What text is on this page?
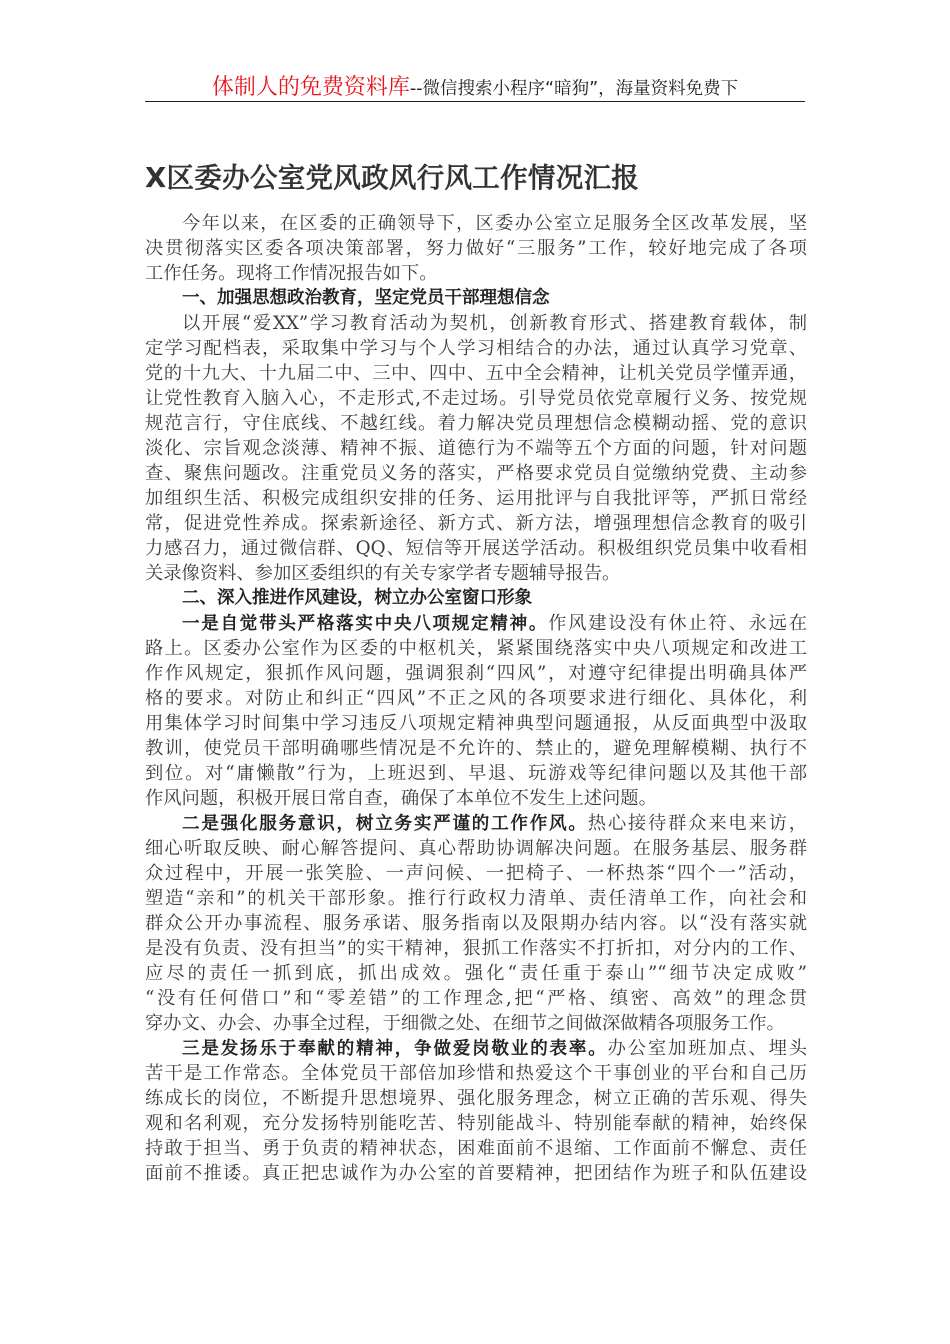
体制人的免费资料库--微信搜索小程序“暗狗”，海量资料免费下
X区委办公室党风政风行风工作情况汇报
今年以来，在区委的正确领导下，区委办公室立足服务全区改革发展，坚
决贯彻落实区委各项决策部署，努力做好“三服务”工作，较好地完成了各项
工作任务。现将工作情况报告如下。
一、加强思想政治教育，坚定党员干部理想信念
以开展“爱XX”学习教育活动为契机，创新教育形式、搭建教育载体，制
定学习配档表，采取集中学习与个人学习相结合的办法，通过认真学习党章、
党的十九大、十九届二中、三中、四中、五中全会精神，让机关党员学懂弄通，
让党性教育入脑入心，不走形式,不走过场。引导党员依党章履行义务、按党规
规范言行，守住底线、不越红线。着力解决党员理想信念模糊动摇、党的意识
淡化、宗旨观念淡薄、精神不振、道德行为不端等五个方面的问题，针对问题
查、聚焦问题改。注重党员义务的落实，严格要求党员自觉缴纳党费、主动参
加组织生活、积极完成组织安排的任务、运用批评与自我批评等，严抓日常经
常，促进党性养成。探索新途径、新方式、新方法，增强理想信念教育的吸引
力感召力，通过微信群、QQ、短信等开展送学活动。积极组织党员集中收看相
关录像资料、参加区委组织的有关专家学者专题辅导报告。
二、深入推进作风建设，树立办公室窗口形象
一是自觉带头严格落实中央八项规定精神。作风建设没有休止符、永远在
路上。区委办公室作为区委的中枢机关，紧紧围绕落实中央八项规定和改进工
作作风规定，狠抓作风问题，强调狠刹“四风”，对遵守纪律提出明确具体严
格的要求。对防止和纠正“四风”不正之风的各项要求进行细化、具体化，利
用集体学习时间集中学习违反八项规定精神典型问题通报，从反面典型中汲取
教训，使党员干部明确哪些情况是不允许的、禁止的，避免理解模糊、执行不
到位。对“庸懒散”行为，上班迟到、早退、玩游戏等纪律问题以及其他干部
作风问题，积极开展日常自查，确保了本单位不发生上述问题。
二是强化服务意识，树立务实严谨的工作作风。热心接待群众来电来访，
细心听取反映、耐心解答提问、真心帮助协调解决问题。在服务基层、服务群
众过程中，开展一张笑脸、一声问候、一把椅子、一杯热茶“四个一”活动，
塑造“亲和”的机关干部形象。推行行政权力清单、责任清单工作，向社会和
群众公开办事流程、服务承诺、服务指南以及限期办结内容。以“没有落实就
是没有负责、没有担当”的实干精神，狠抓工作落实不打折扣，对分内的工作、
应尽的责任一抓到底，抓出成效。强化“责任重于泰山”“细节决定成败”
“没有任何借口”和“零差错”的工作理念,把“严格、缜密、高效”的理念贯
穿办文、办会、办事全过程，于细微之处、在细节之间做深做精各项服务工作。
三是发扬乐于奉献的精神，争做爱岗敬业的表率。办公室加班加点、埋头
苦干是工作常态。全体党员干部倍加珍惜和热爱这个干事创业的平台和自己历
练成长的岗位，不断提升思想境界、强化服务理念，树立正确的苦乐观、得失
观和名利观，充分发扬特别能吃苦、特别能战斗、特别能奉献的精神，始终保
持敢于担当、勇于负责的精神状态，困难面前不退缩、工作面前不懈怠、责任
面前不推诿。真正把忠诚作为办公室的首要精神，把团结作为班子和队伍建设
